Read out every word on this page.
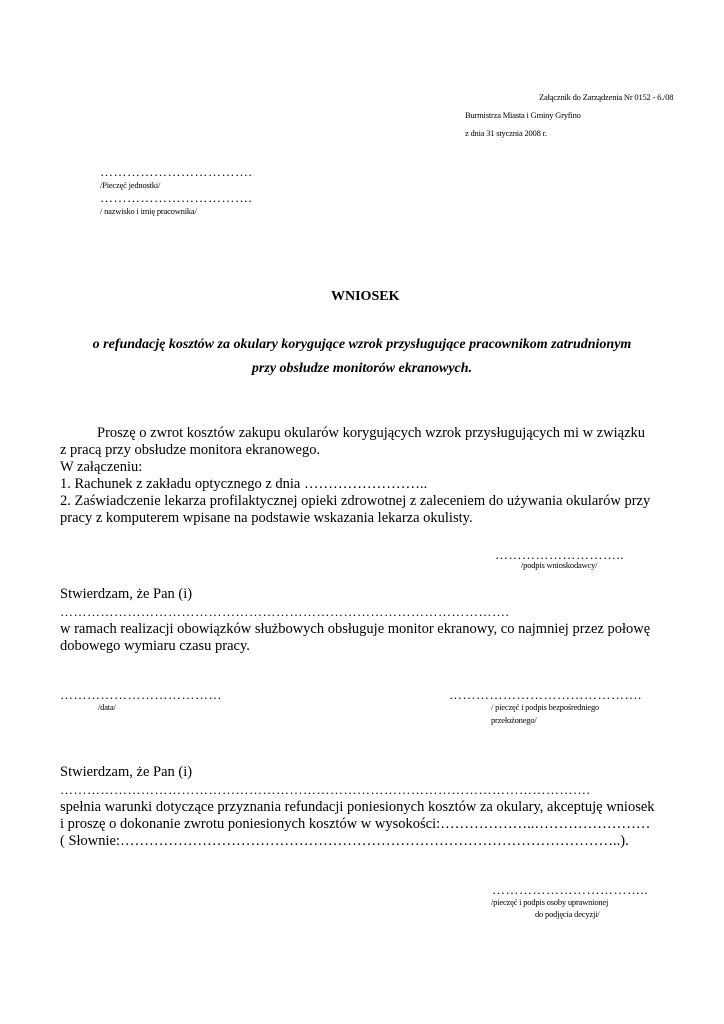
Załącznik do Zarządzenia Nr 0152 - 6./08
Burmistrza Miasta i Gminy Gryfino
z dnia 31 stycznia 2008 r.
…………………………….
/Pieczęć jednostki/
…………………………….
/ nazwisko i imię pracownika/
WNIOSEK
o refundację kosztów za okulary korygujące wzrok przysługujące pracownikom zatrudnionym
przy obsłudze monitorów ekranowych.
Proszę o zwrot kosztów zakupu okularów korygujących wzrok przysługujących mi w związku
z pracą przy obsłudze monitora ekranowego.
W załączeniu:
1. Rachunek z zakładu optycznego z dnia ……………………..
2. Zaświadczenie lekarza profilaktycznej opieki zdrowotnej z zaleceniem do używania okularów przy
pracy z komputerem wpisane na podstawie wskazania lekarza okulisty.
………………………..
/podpis wnioskodawcy/
Stwierdzam, że Pan (i)
……………………………………………………………………………………….
w ramach realizacji obowiązków służbowych obsługuje monitor ekranowy, co najmniej przez połowę
dobowego wymiaru czasu pracy.
………………………………
/data/
…………………………………….
/ pieczęć i podpis bezpośredniego
przełożonego/
Stwierdzam, że Pan (i)
……………………………………………………………………………………………………….
spełnia warunki dotyczące przyznania refundacji poniesionych kosztów za okulary, akceptuję wniosek
i proszę o dokonanie zwrotu poniesionych kosztów w wysokości:………………..……………………
( Słownie:…………………………………………………………………………………………..).
……………………………..
/pieczęć i podpis osoby uprawnionej
do podjęcia decyzji/
